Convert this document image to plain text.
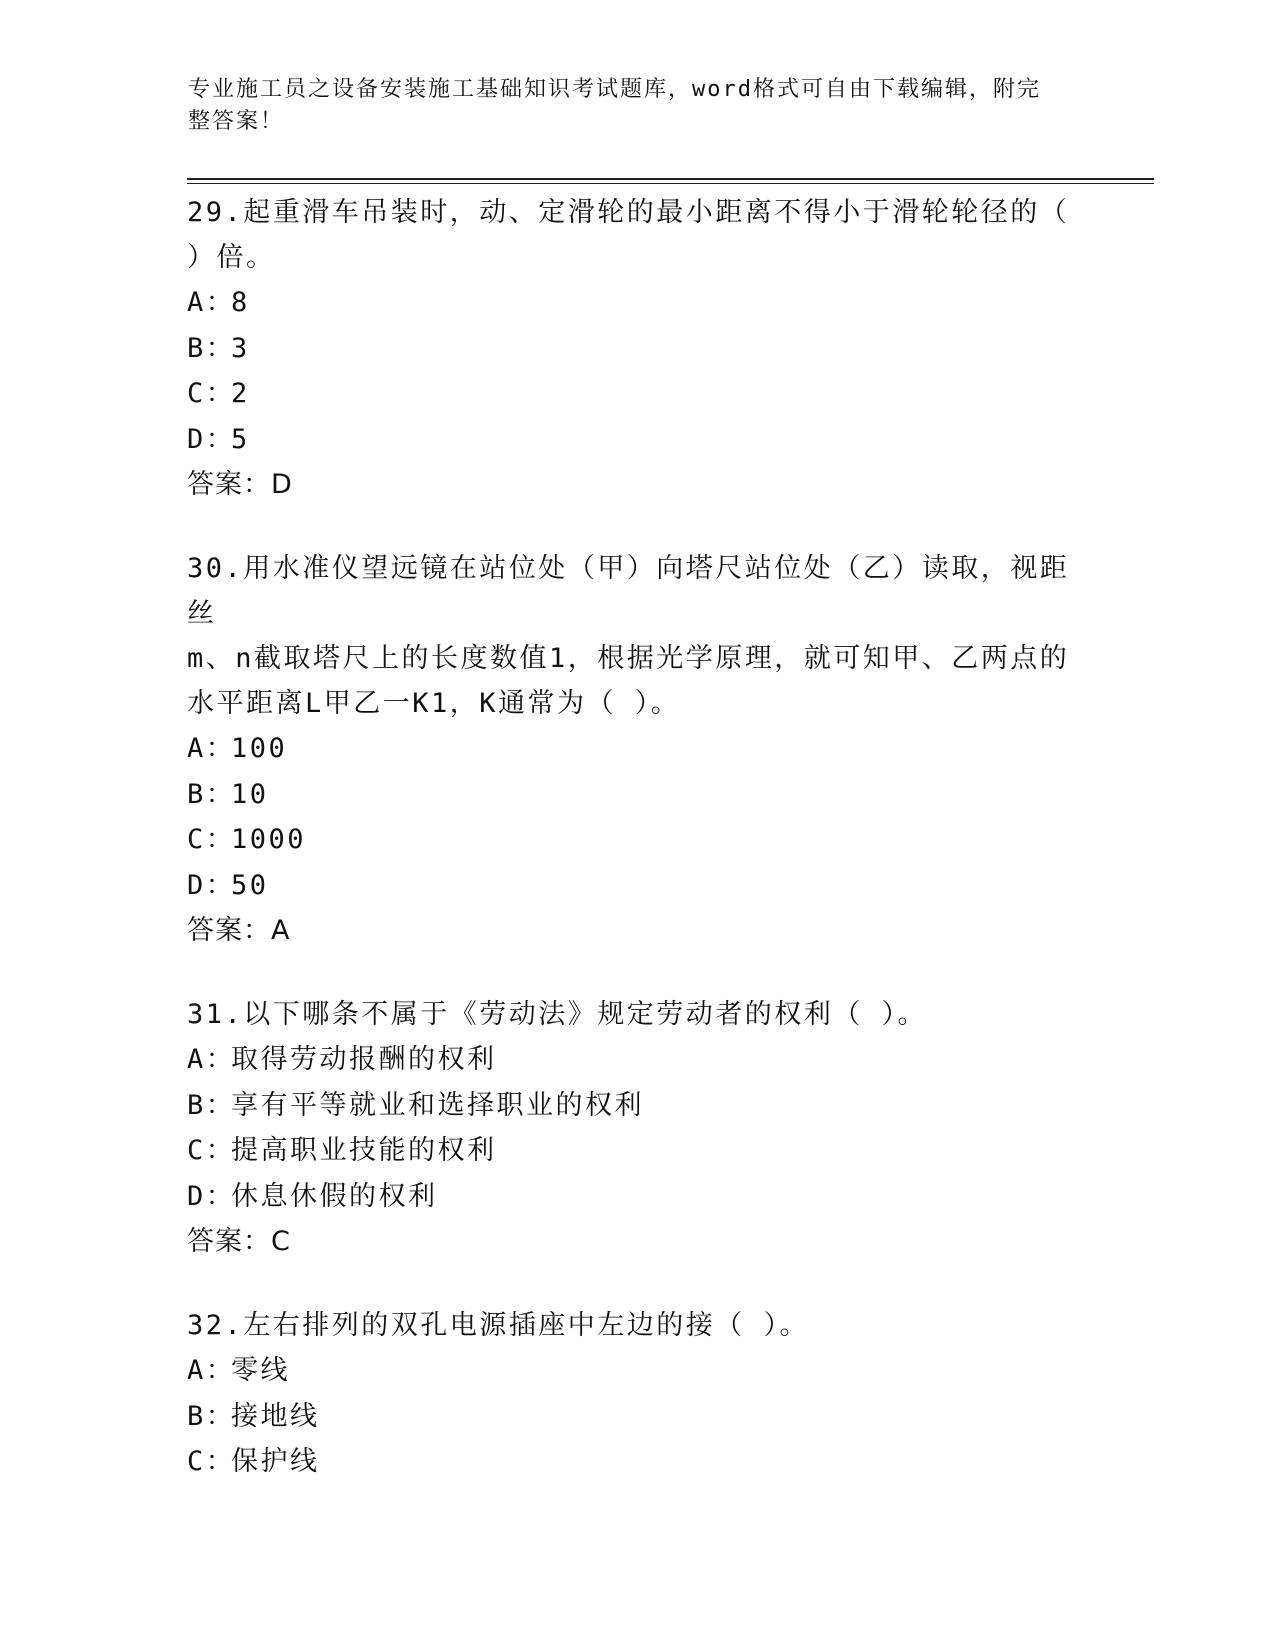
专业施工员之设备安装施工基础知识考试题库，word格式可自由下载编辑，附完
整答案！

29.起重滑车吊装时，动、定滑轮的最小距离不得小于滑轮轮径的（

）倍。

A：8

B：3

C：2

D：5

答案：D

30.用水准仪望远镜在站位处（甲）向塔尺站位处（乙）读取，视距丝

m、n截取塔尺上的长度数值1，根据光学原理，就可知甲、乙两点的

水平距离L甲乙一K1，K通常为（ ）。

A：100

B：10

C：1000

D：50

答案：A

31.以下哪条不属于《劳动法》规定劳动者的权利（ ）。

A：取得劳动报酬的权利

B：享有平等就业和选择职业的权利

C：提高职业技能的权利

D：休息休假的权利

答案：C

32.左右排列的双孔电源插座中左边的接（ ）。

A：零线

B：接地线

C：保护线
